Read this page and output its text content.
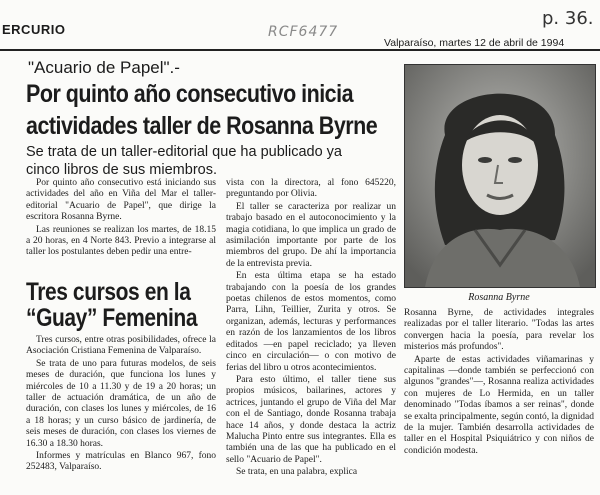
ERCURIO	RCF6477
Valparaíso, martes 12 de abril de 1994
p. 36.
"Acuario de Papel".-
Por quinto año consecutivo inicia
actividades taller de Rosanna Byrne
Se trata de un taller-editorial que ha publicado ya
cinco libros de sus miembros.
Rosanna Byrne

Por quinto año consecutivo está iniciando sus actividades del año en Viña del Mar el taller-editorial "Acuario de Papel", que dirige la escritora Rosanna Byrne.

Las reuniones se realizan los martes, de 18.15 a 20 horas, en 4 Norte 843. Previo a integrarse al taller los postulantes deben pedir una entre-

Tres cursos en la
“Guay” Femenina

Tres cursos, entre otras posibilidades, ofrece la Asociación Cristiana Femenina de Valparaíso.

Se trata de uno para futuras modelos, de seis meses de duración, que funciona los lunes y miércoles de 10 a 11.30 y de 19 a 20 horas; un taller de actuación dramática, de un año de duración, con clases los lunes y miércoles, de 16 a 18 horas; y un curso básico de jardinería, de seis meses de duración, con clases los viernes de 16.30 a 18.30 horas.

Informes y matrículas en Blanco 967, fono 252483, Valparaíso.

vista con la directora, al fono 645220, preguntando por Olivia.

El taller se caracteriza por realizar un trabajo basado en el autoconocimiento y la magia cotidiana, lo que implica un grado de asimilación importante por parte de los miembros del grupo. De ahí la importancia de la entrevista previa.

En esta última etapa se ha estado trabajando con la poesía de los grandes poetas chilenos de estos momentos, como Parra, Lihn, Teillier, Zurita y otros. Se organizan, además, lecturas y performances en razón de los lanzamientos de los libros editados —en papel reciclado; ya lleven cinco en circulación— o con motivo de ferias del libro u otros acontecimientos.

Para esto último, el taller tiene sus propios músicos, bailarines, actores y actrices, juntando el grupo de Viña del Mar con el de Santiago, donde Rosanna trabaja hace 14 años, y donde destaca la actriz Malucha Pinto entre sus integrantes. Ella es también una de las que ha publicado en el sello "Acuario de Papel".

Se trata, en una palabra, explica

Rosanna Byrne, de actividades integrales realizadas por el taller literario. "Todas las artes convergen hacia la poesía, para revelar los misterios más profundos".

Aparte de estas actividades viñamarinas y capitalinas —donde también se perfeccionó con algunos "grandes"—, Rosanna realiza actividades con mujeres de Lo Hermida, en un taller denominado "Todas íbamos a ser reinas", donde se exalta principalmente, según contó, la dignidad de la mujer. También desarrolla actividades de taller en el Hospital Psiquiátrico y con niños de condición modesta.
